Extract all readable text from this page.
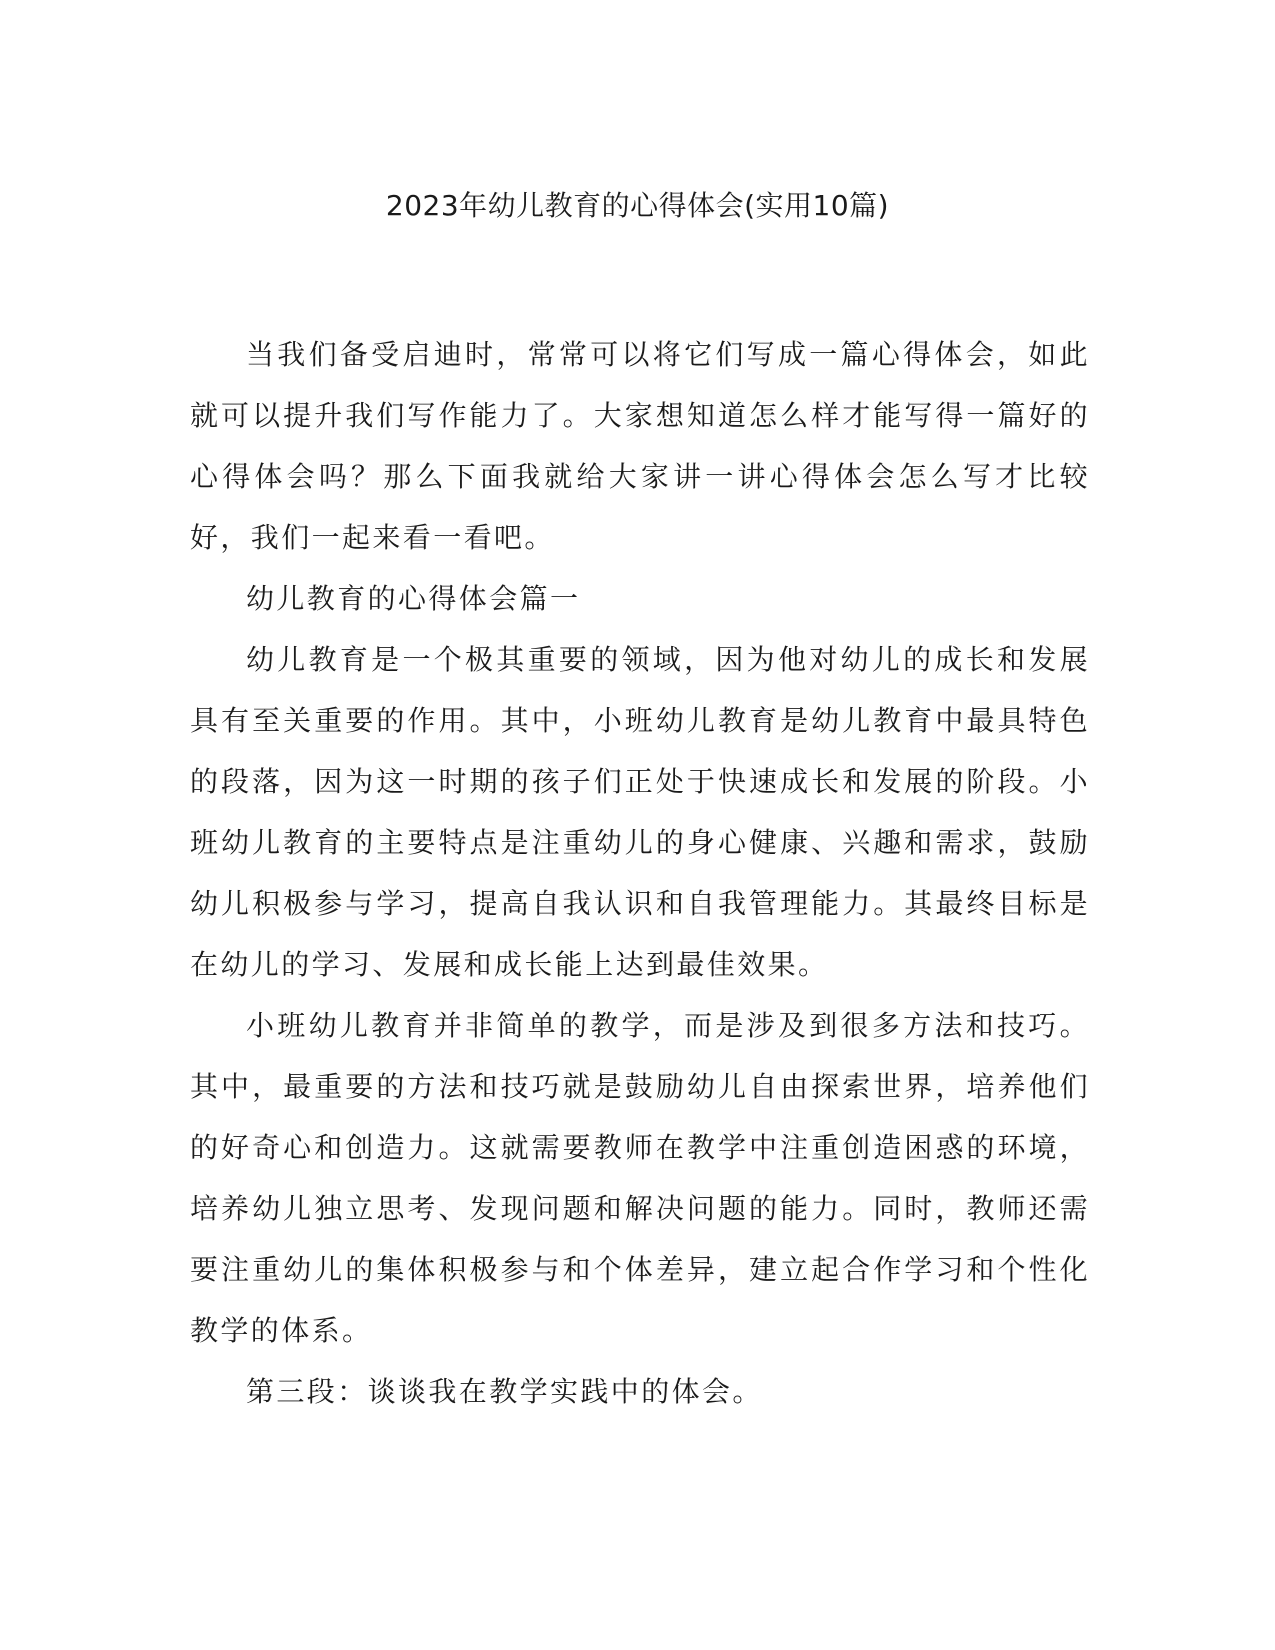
2023年幼儿教育的心得体会(实用10篇)

当我们备受启迪时，常常可以将它们写成一篇心得体会，如此就可以提升我们写作能力了。大家想知道怎么样才能写得一篇好的心得体会吗？那么下面我就给大家讲一讲心得体会怎么写才比较好，我们一起来看一看吧。

幼儿教育的心得体会篇一

幼儿教育是一个极其重要的领域，因为他对幼儿的成长和发展具有至关重要的作用。其中，小班幼儿教育是幼儿教育中最具特色的段落，因为这一时期的孩子们正处于快速成长和发展的阶段。小班幼儿教育的主要特点是注重幼儿的身心健康、兴趣和需求，鼓励幼儿积极参与学习，提高自我认识和自我管理能力。其最终目标是在幼儿的学习、发展和成长能上达到最佳效果。

小班幼儿教育并非简单的教学，而是涉及到很多方法和技巧。其中，最重要的方法和技巧就是鼓励幼儿自由探索世界，培养他们的好奇心和创造力。这就需要教师在教学中注重创造困惑的环境，培养幼儿独立思考、发现问题和解决问题的能力。同时，教师还需要注重幼儿的集体积极参与和个体差异，建立起合作学习和个性化教学的体系。

第三段：谈谈我在教学实践中的体会。
